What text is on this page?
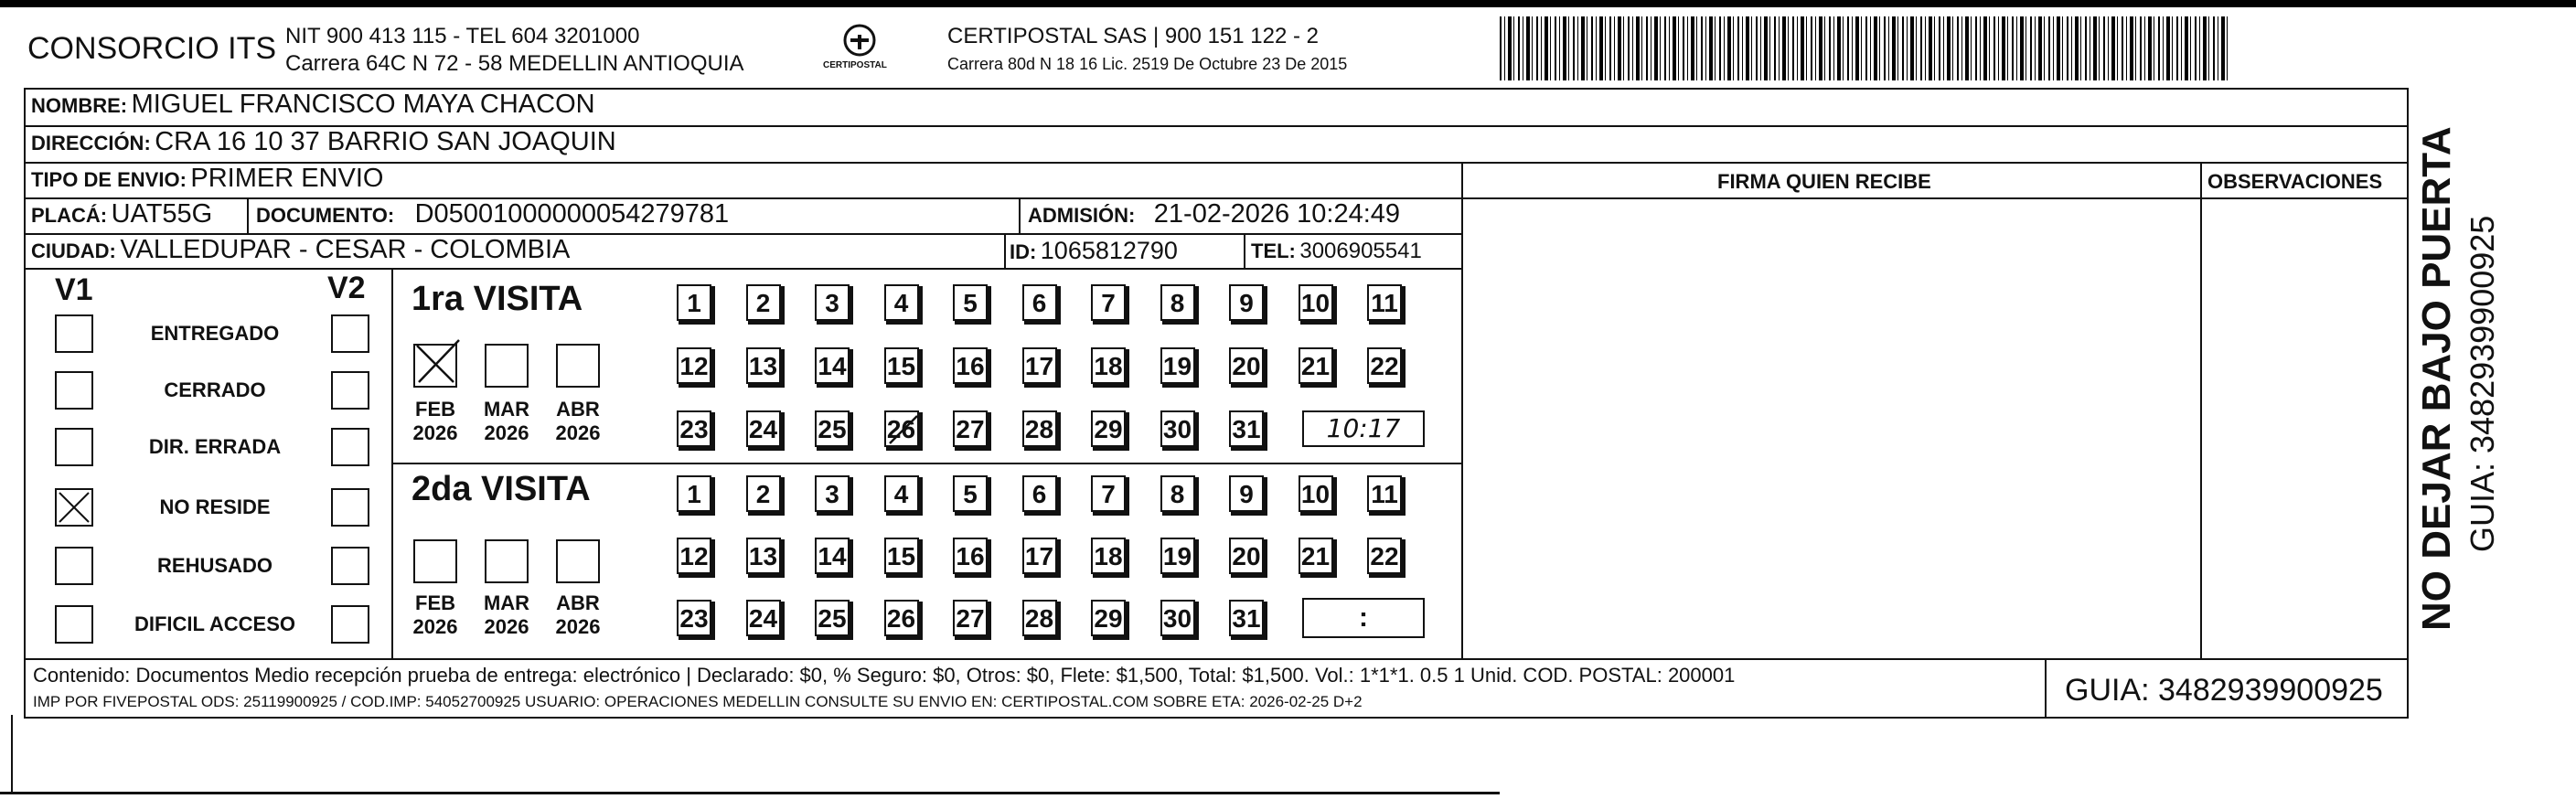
CONSORCIO ITS NIT 900 413 115 - TEL 604 3201000
Carrera 64C N 72 - 58 MEDELLIN ANTIOQUIA	CERTIPOSTAL
CERTIPOSTAL SAS | 900 151 122 - 2
Carrera 80d N 18 16 Lic. 2519 De Octubre 23 De 2015
NOMBRE: MIGUEL FRANCISCO MAYA CHACON
DIRECCIÓN: CRA 16 10 37 BARRIO SAN JOAQUIN
TIPO DE ENVIO: PRIMER ENVIO	FIRMA QUIEN RECIBE	OBSERVACIONES
PLACÁ: UAT55G DOCUMENTO: D05001000000054279781	ADMISIÓN: 21-02-2026 10:24:49
CIUDAD: VALLEDUPAR - CESAR - COLOMBIA	ID: 1065812790	TEL: 3006905541
V1	V2
ENTREGADO
CERRADO
DIR. ERRADA
NO RESIDE
REHUSADO
DIFICIL ACCESO
1ra VISITA
FEB
2026
MAR
2026
ABR
2026
1	2	3	4	5	6	7	8	9	10 11
12 13 14 15 16 17 18 19 20 21 22
23 24 25 26 27 28 29 30 31	10:17
2da VISITA
FEB
2026
MAR
2026
ABR
2026
1	2	3	4	5	6	7	8	9	10 11
12 13 14 15 16 17 18 19 20 21 22
23 24 25 26 27 28 29 30 31	:
Contenido: Documentos Medio recepción prueba de entrega: electrónico | Declarado: $0, % Seguro: $0, Otros: $0, Flete: $1,500, Total: $1,500. Vol.: 1*1*1. 0.5 1 Unid. COD. POSTAL: 200001
IMP POR FIVEPOSTAL ODS: 25119900925 / COD.IMP: 54052700925 USUARIO: OPERACIONES MEDELLIN CONSULTE SU ENVIO EN: CERTIPOSTAL.COM SOBRE ETA: 2026-02-25 D+2	GUIA: 3482939900925
NO DEJAR BAJO PUERTA GUIA: 3482939900925
